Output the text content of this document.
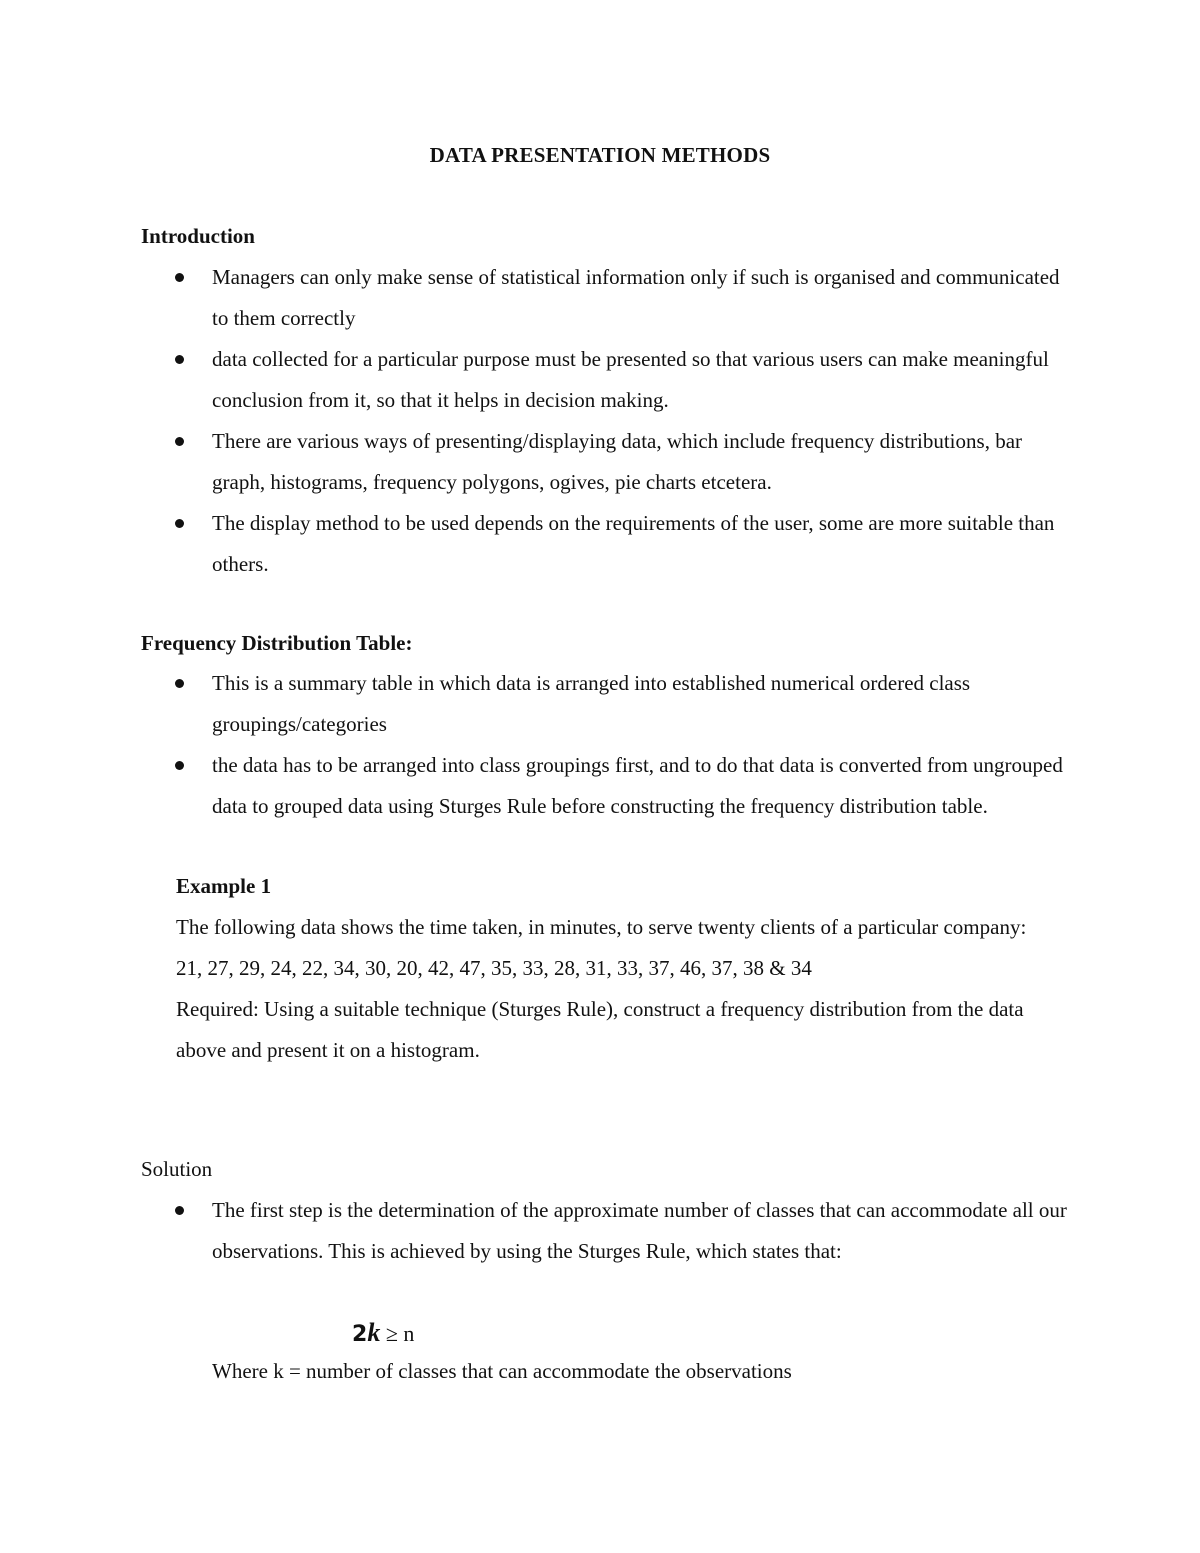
DATA PRESENTATION METHODS
Introduction
Managers can only make sense of statistical information only if such is organised and communicated to them correctly
data collected for a particular purpose must be presented so that various users can make meaningful conclusion from it, so that it helps in decision making.
There are various ways of presenting/displaying data, which include frequency distributions, bar graph, histograms, frequency polygons, ogives, pie charts etcetera.
The display method to be used depends on the requirements of the user, some are more suitable than others.
Frequency Distribution Table:
This is a summary table in which data is arranged into established numerical ordered class groupings/categories
the data has to be arranged into class groupings first, and to do that data is converted from ungrouped data to grouped data using Sturges Rule before constructing the frequency distribution table.
Example 1
The following data shows the time taken, in minutes, to serve twenty clients of a particular company:
21, 27, 29, 24, 22, 34, 30, 20, 42, 47, 35, 33, 28, 31, 33, 37, 46, 37, 38 & 34
Required: Using a suitable technique (Sturges Rule), construct a frequency distribution from the data above and present it on a histogram.
Solution
The first step is the determination of the approximate number of classes that can accommodate all our observations. This is achieved by using the Sturges Rule, which states that:
2k ≥ n
Where k = number of classes that can accommodate the observations
